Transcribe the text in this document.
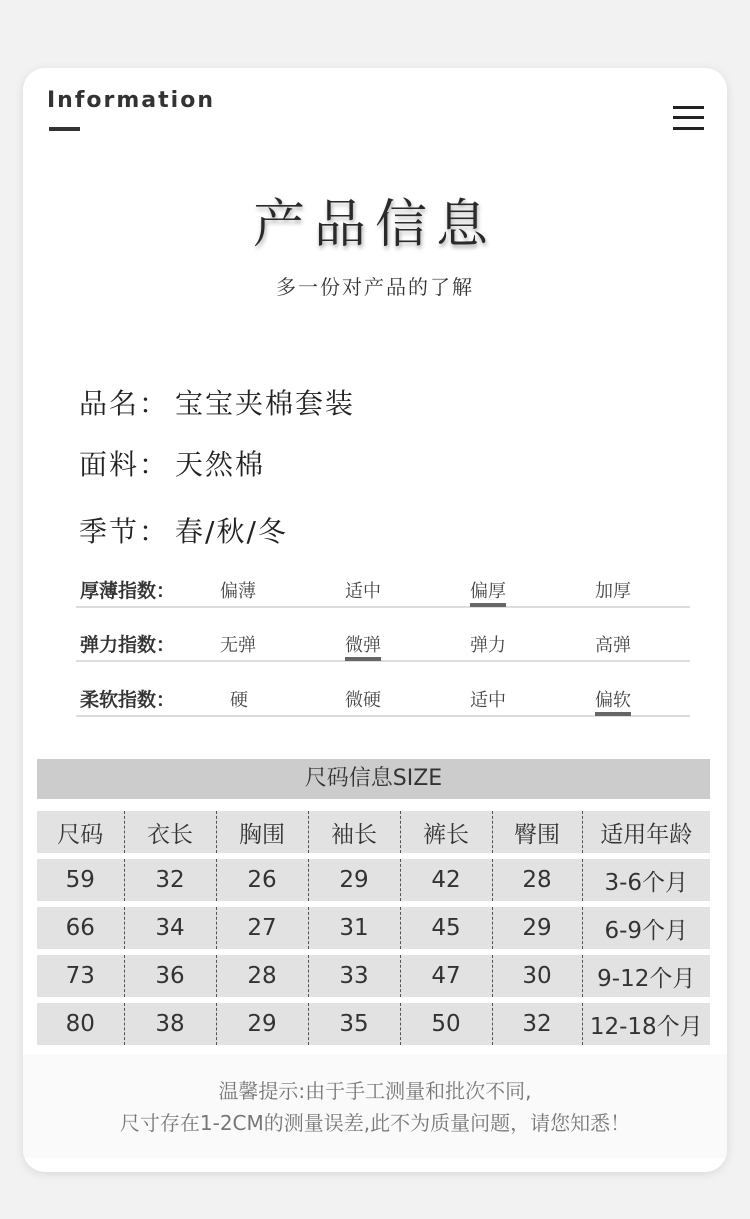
Information
产品信息
多一份对产品的了解
品名： 宝宝夹棉套装
面料： 天然棉
季节： 春/秋/冬
厚薄指数： 偏薄	适中	偏厚	加厚
弹力指数： 无弹	微弹	弹力	高弹
柔软指数：	硬	微硬	适中	偏软
尺码信息SIZE
尺码	衣长	胸围	袖长	裤长	臀围	适用年龄
59	32	26	29	42	28	3-6个月
66	34	27	31	45	29	6-9个月
73	36	28	33	47	30	9-12个月
80	38	29	35	50	32	12-18个月
温馨提示:由于手工测量和批次不同,
尺寸存在1-2CM的测量误差,此不为质量问题，请您知悉！
